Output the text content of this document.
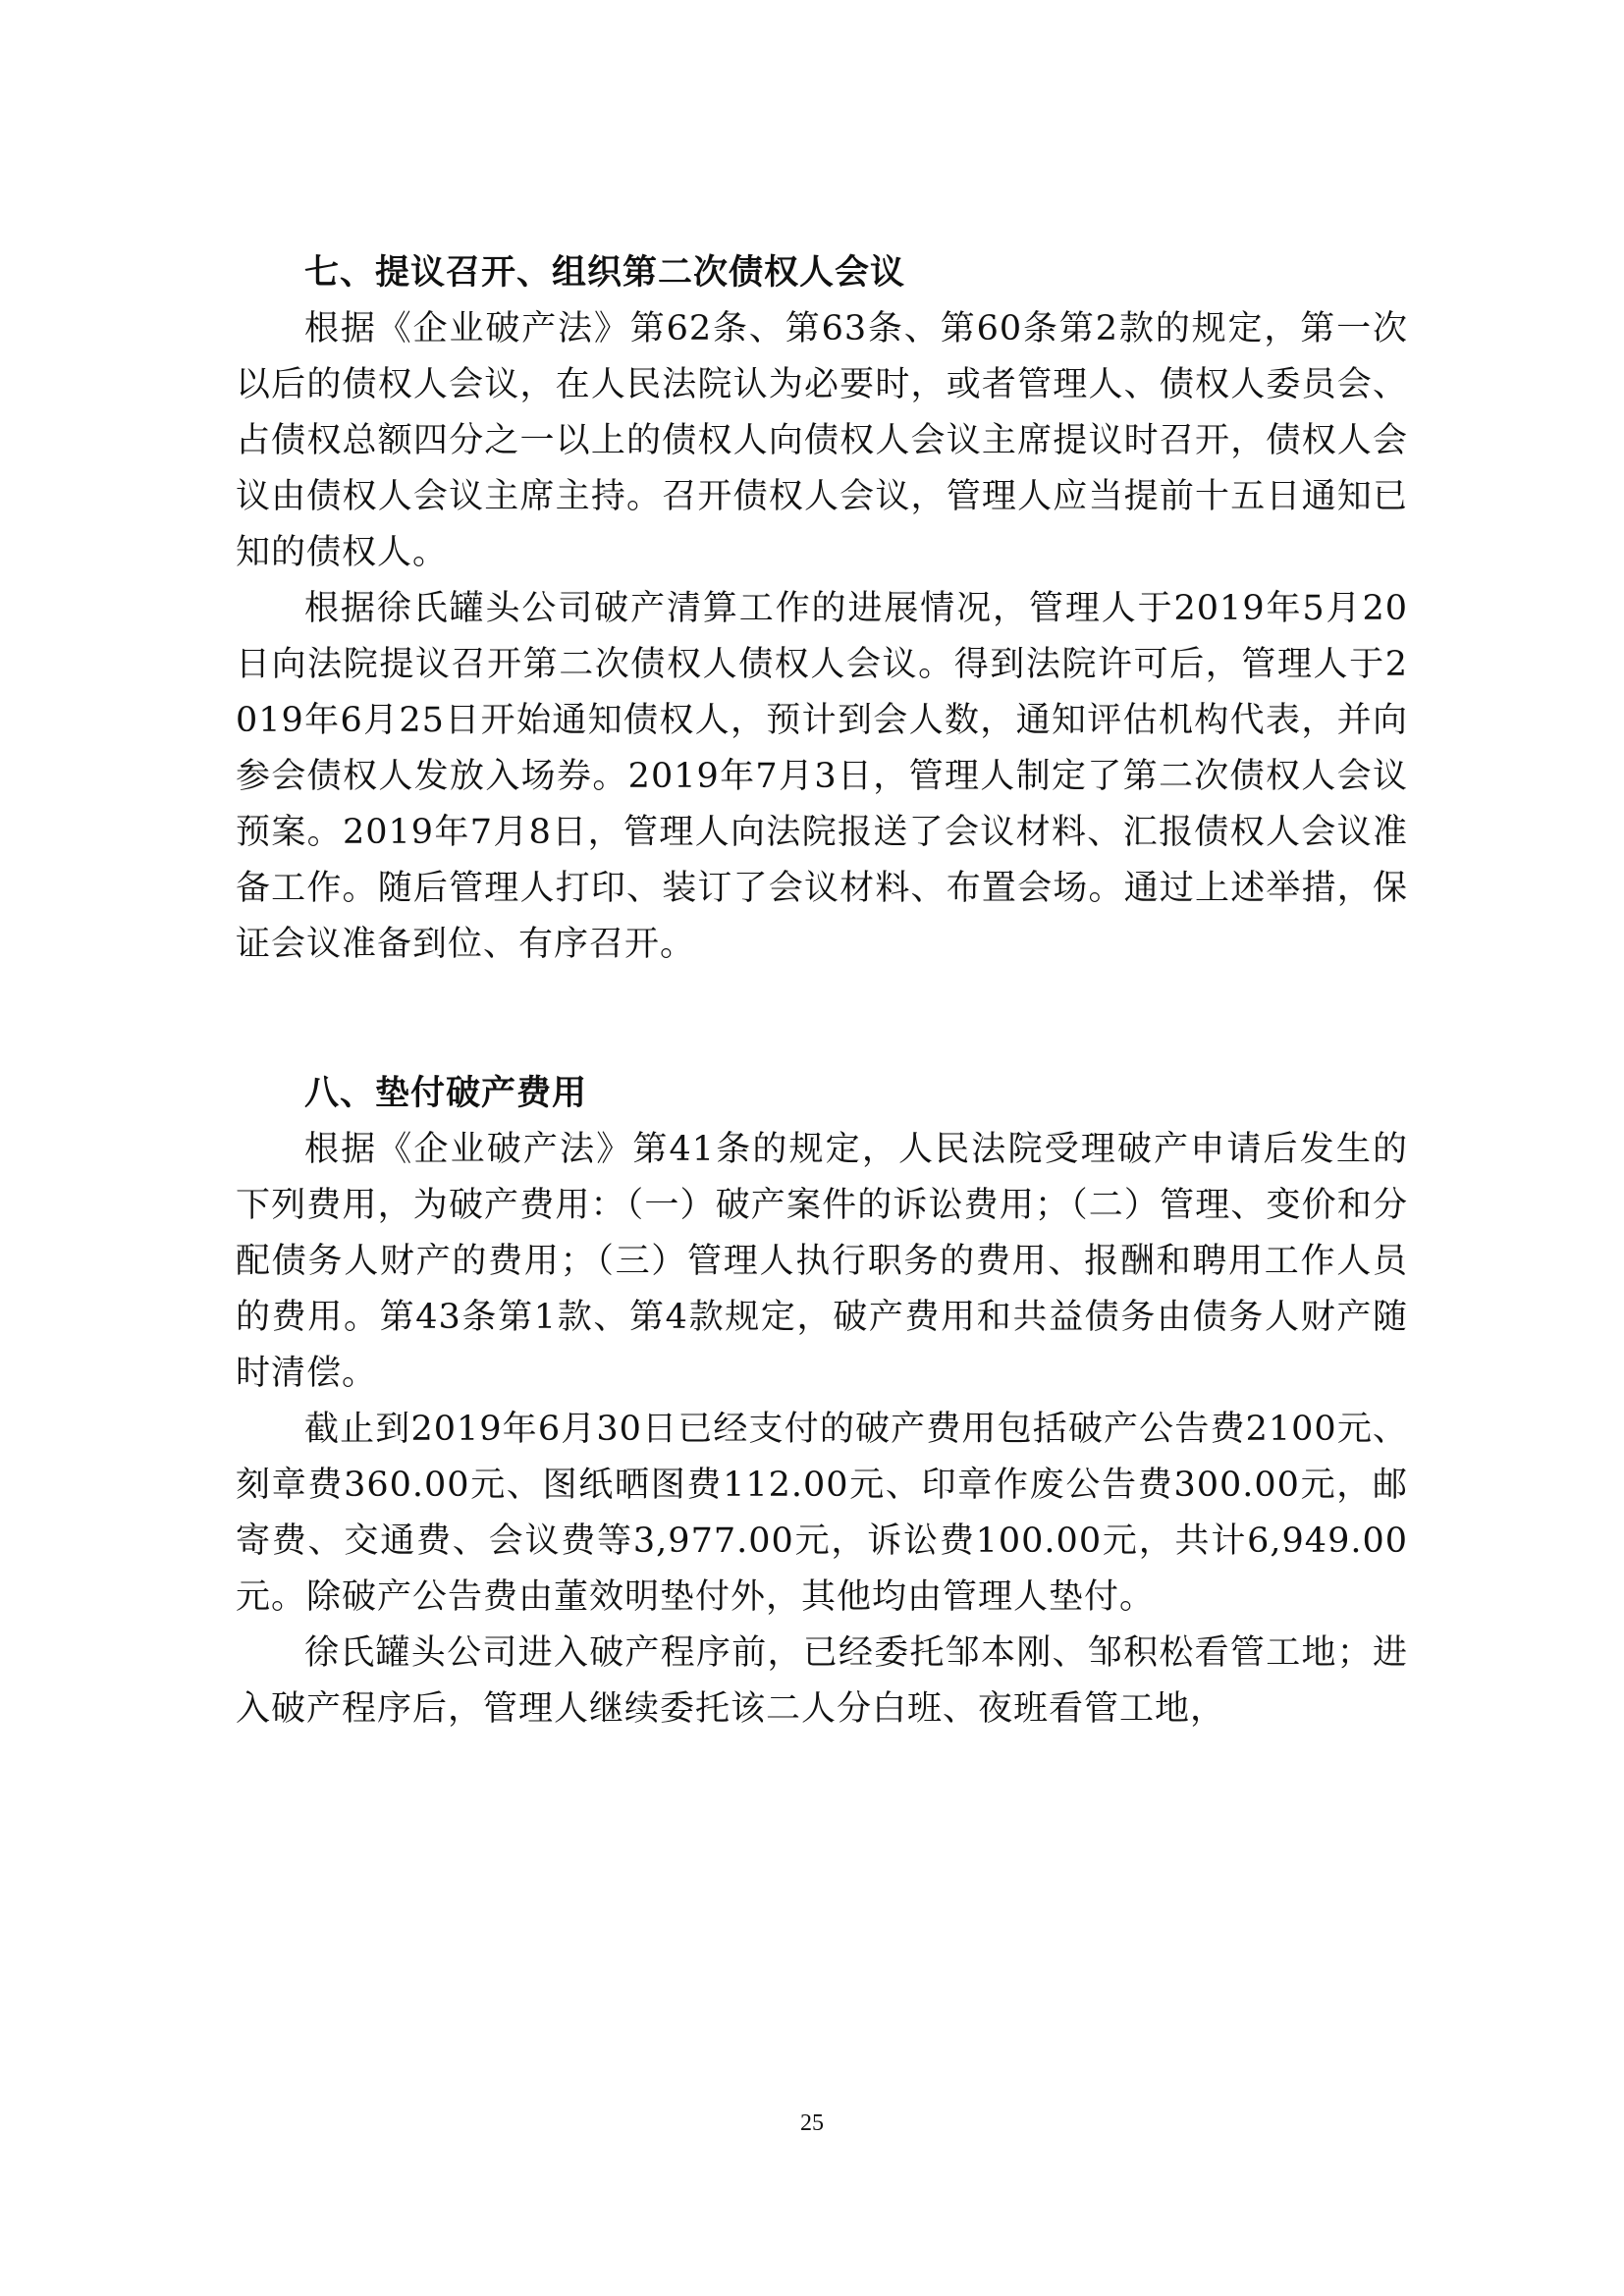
七、提议召开、组织第二次债权人会议

根据《企业破产法》第62条、第63条、第60条第2款的规定，第一次以后的债权人会议，在人民法院认为必要时，或者管理人、债权人委员会、占债权总额四分之一以上的债权人向债权人会议主席提议时召开，债权人会议由债权人会议主席主持。召开债权人会议，管理人应当提前十五日通知已知的债权人。

根据徐氏罐头公司破产清算工作的进展情况，管理人于2019年5月20日向法院提议召开第二次债权人债权人会议。得到法院许可后，管理人于2019年6月25日开始通知债权人，预计到会人数，通知评估机构代表，并向参会债权人发放入场券。2019年7月3日，管理人制定了第二次债权人会议预案。2019年7月8日，管理人向法院报送了会议材料、汇报债权人会议准备工作。随后管理人打印、装订了会议材料、布置会场。通过上述举措，保证会议准备到位、有序召开。

八、垫付破产费用

根据《企业破产法》第41条的规定，人民法院受理破产申请后发生的下列费用，为破产费用：（一）破产案件的诉讼费用；（二）管理、变价和分配债务人财产的费用；（三）管理人执行职务的费用、报酬和聘用工作人员的费用。第43条第1款、第4款规定，破产费用和共益债务由债务人财产随时清偿。

截止到2019年6月30日已经支付的破产费用包括破产公告费2100元、刻章费360.00元、图纸晒图费112.00元、印章作废公告费300.00元，邮寄费、交通费、会议费等3,977.00元，诉讼费100.00元，共计6,949.00元。除破产公告费由董效明垫付外，其他均由管理人垫付。

徐氏罐头公司进入破产程序前，已经委托邹本刚、邹积松看管工地；进入破产程序后，管理人继续委托该二人分白班、夜班看管工地，

25
